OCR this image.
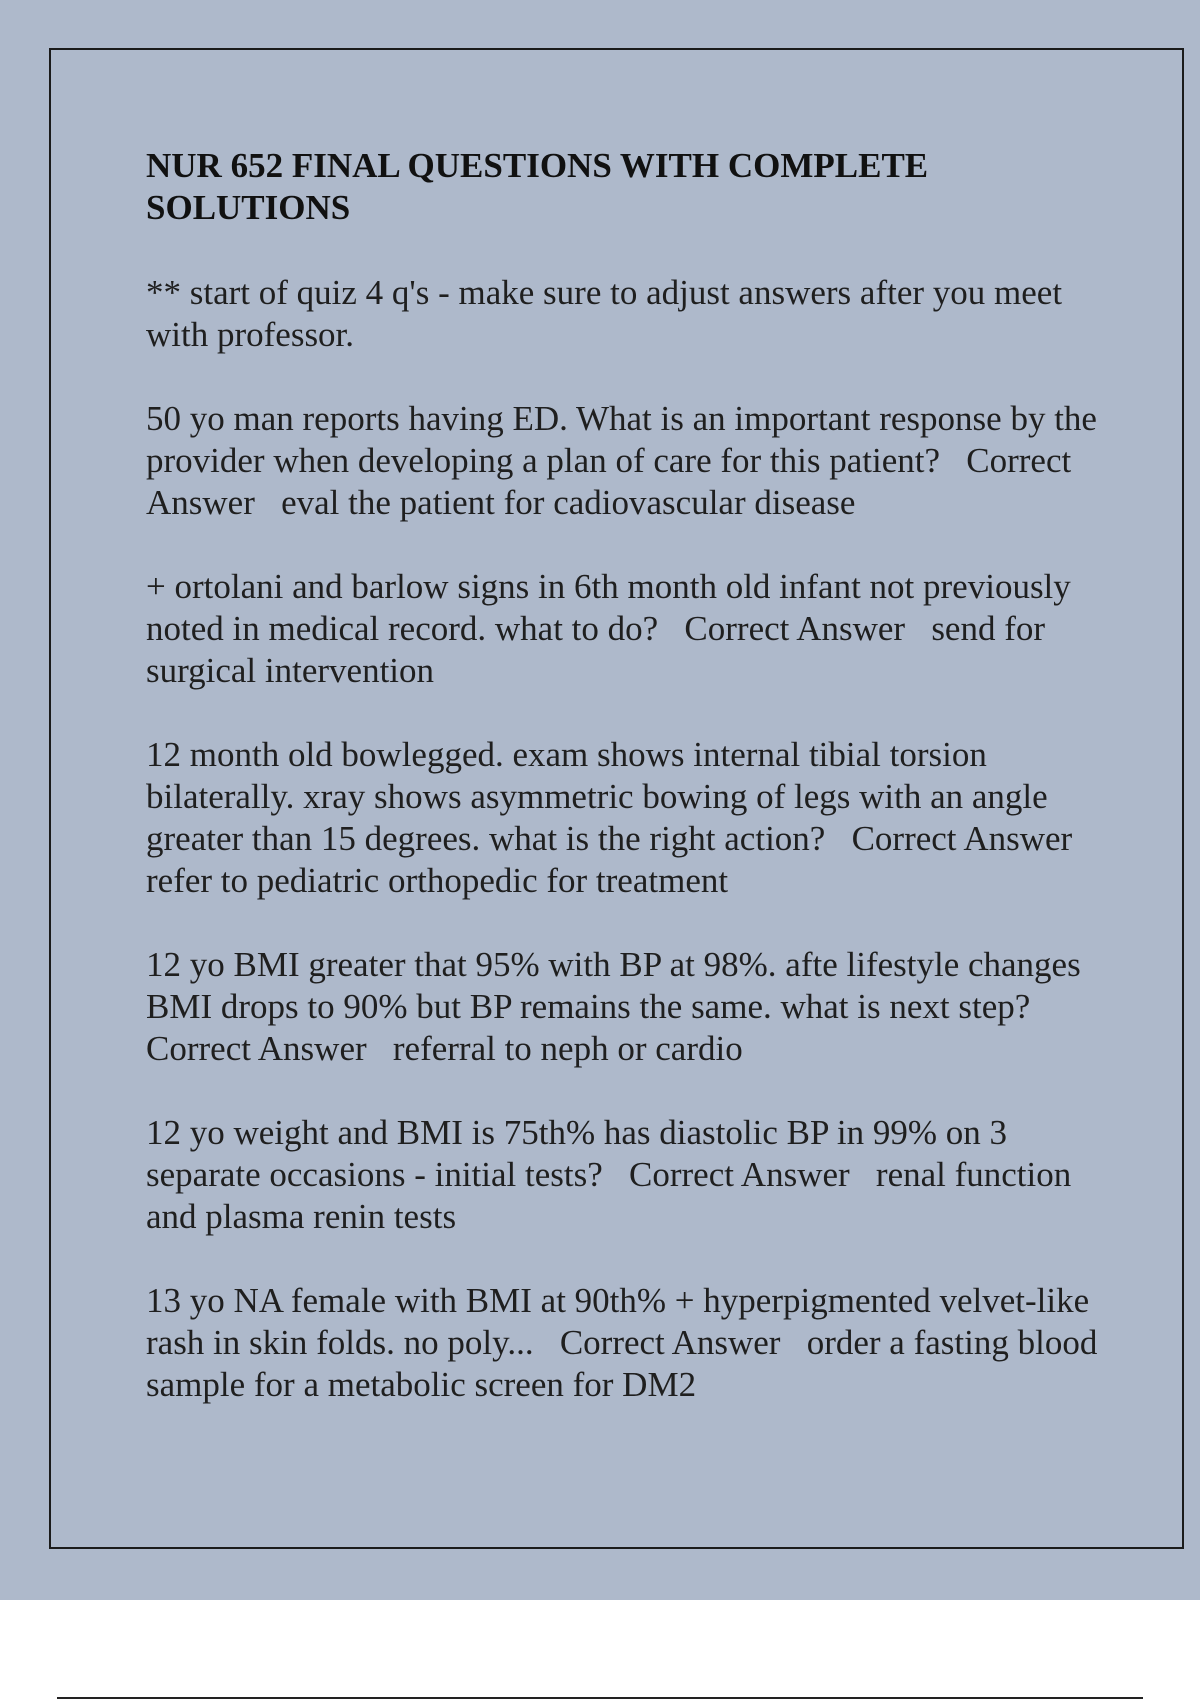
NUR 652 FINAL QUESTIONS WITH COMPLETE SOLUTIONS

** start of quiz 4 q's - make sure to adjust answers after you meet with professor.

50 yo man reports having ED. What is an important response by the provider when developing a plan of care for this patient?   Correct Answer   eval the patient for cadiovascular disease

+ ortolani and barlow signs in 6th month old infant not previously noted in medical record. what to do?   Correct Answer   send for surgical intervention

12 month old bowlegged. exam shows internal tibial torsion bilaterally. xray shows asymmetric bowing of legs with an angle greater than 15 degrees. what is the right action?   Correct Answer   refer to pediatric orthopedic for treatment

12 yo BMI greater that 95% with BP at 98%. afte lifestyle changes BMI drops to 90% but BP remains the same. what is next step?   Correct Answer   referral to neph or cardio

12 yo weight and BMI is 75th% has diastolic BP in 99% on 3 separate occasions - initial tests?   Correct Answer   renal function and plasma renin tests

13 yo NA female with BMI at 90th% + hyperpigmented velvet-like rash in skin folds. no poly...   Correct Answer   order a fasting blood sample for a metabolic screen for DM2
